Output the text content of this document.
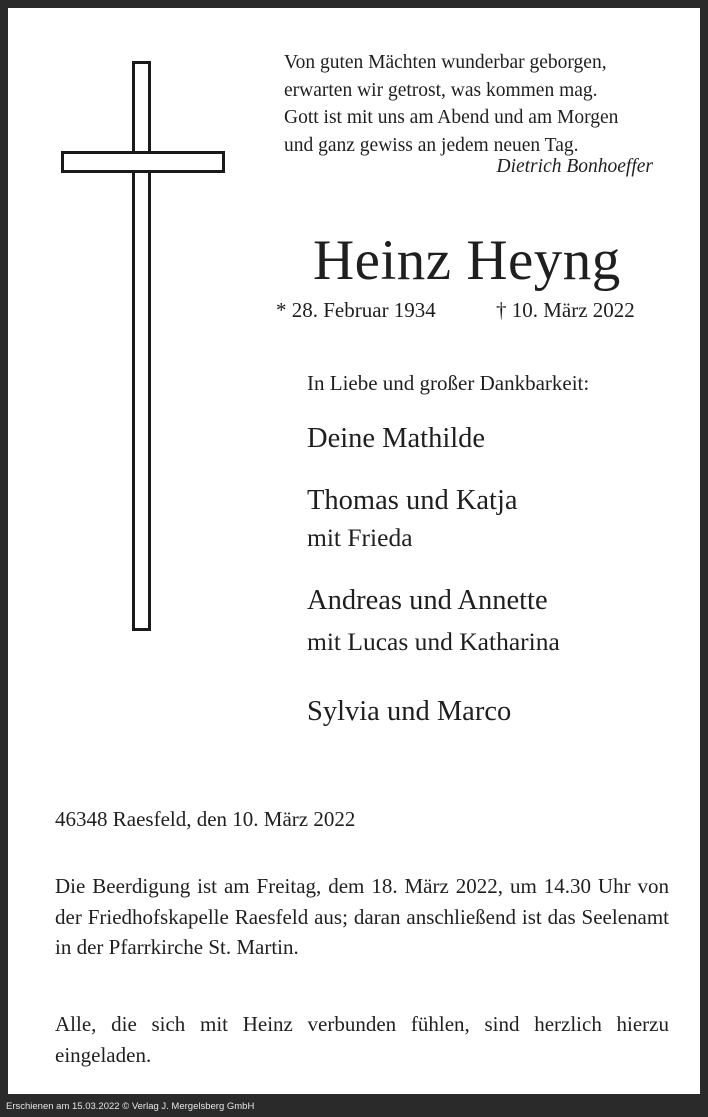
Von guten Mächten wunderbar geborgen,
erwarten wir getrost, was kommen mag.
Gott ist mit uns am Abend und am Morgen
und ganz gewiss an jedem neuen Tag.
Dietrich Bonhoeffer
Heinz Heyng
* 28. Februar 1934	† 10. März 2022
In Liebe und großer Dankbarkeit:
Deine Mathilde
Thomas und Katja
mit Frieda
Andreas und Annette
mit Lucas und Katharina
Sylvia und Marco
46348 Raesfeld, den 10. März 2022
Die Beerdigung ist am Freitag, dem 18. März 2022, um 14.30 Uhr von der Friedhofskapelle Raesfeld aus; daran anschließend ist das Seelenamt in der Pfarrkirche St. Martin.
Alle, die sich mit Heinz verbunden fühlen, sind herzlich hierzu eingeladen.
Erschienen am 15.03.2022 © Verlag J. Mergelsberg GmbH
